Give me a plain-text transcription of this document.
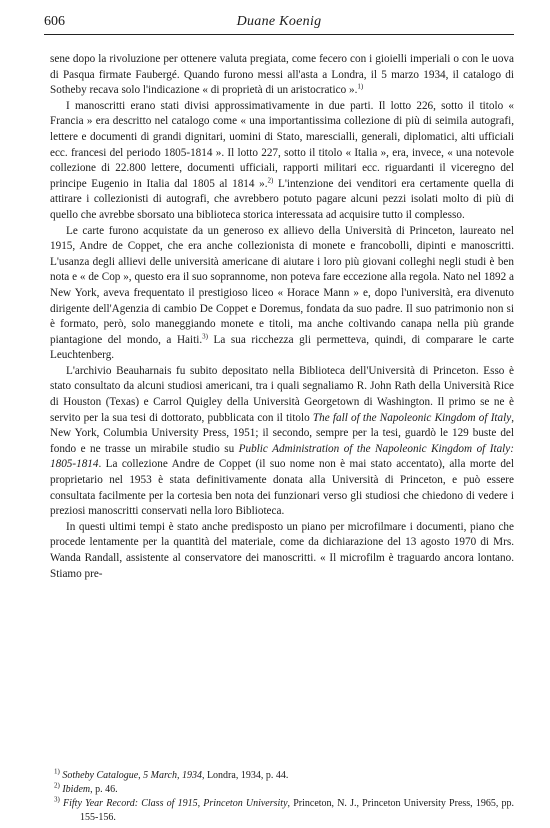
606	Duane Koenig

sene dopo la rivoluzione per ottenere valuta pregiata, come fecero con i gioielli imperiali o con le uova di Pasqua firmate Faubergé. Quando furono messi all'asta a Londra, il 5 marzo 1934, il catalogo di Sotheby recava solo l'indicazione « di proprietà di un aristocratico ».$^{1)}$

I manoscritti erano stati divisi approssimativamente in due parti. Il lotto 226, sotto il titolo « Francia » era descritto nel catalogo come « una importantissima collezione di più di seimila autografi, lettere e documenti di grandi dignitari, uomini di Stato, marescialli, generali, diplomatici, alti ufficiali ecc. francesi del periodo 1805-1814 ». Il lotto 227, sotto il titolo « Italia », era, invece, « una notevole collezione di 22.800 lettere, documenti ufficiali, rapporti militari ecc. riguardanti il viceregno del principe Eugenio in Italia dal 1805 al 1814 ».$^{2)}$ L'intenzione dei venditori era certamente quella di attirare i collezionisti di autografi, che avrebbero potuto pagare alcuni pezzi isolati molto di più di quello che avrebbe sborsato una biblioteca storica interessata ad acquisire tutto il complesso.

Le carte furono acquistate da un generoso ex allievo della Università di Princeton, laureato nel 1915, Andre de Coppet, che era anche collezionista di monete e francobolli, dipinti e manoscritti. L'usanza degli allievi delle università americane di aiutare i loro più giovani colleghi negli studi è ben nota e « de Cop », questo era il suo soprannome, non poteva fare eccezione alla regola. Nato nel 1892 a New York, aveva frequentato il prestigioso liceo « Horace Mann » e, dopo l'università, era divenuto dirigente dell'Agenzia di cambio De Coppet e Doremus, fondata da suo padre. Il suo patrimonio non si è formato, però, solo maneggiando monete e titoli, ma anche coltivando canapa nella più grande piantagione del mondo, a Haiti.$^{3)}$ La sua ricchezza gli permetteva, quindi, di comparare le carte Leuchtenberg.

L'archivio Beauharnais fu subito depositato nella Biblioteca dell'Università di Princeton. Esso è stato consultato da alcuni studiosi americani, tra i quali segnaliamo R. John Rath della Università Rice di Houston (Texas) e Carrol Quigley della Università Georgetown di Washington. Il primo se ne è servito per la sua tesi di dottorato, pubblicata con il titolo The fall of the Napoleonic Kingdom of Italy, New York, Columbia University Press, 1951; il secondo, sempre per la tesi, guardò le 129 buste del fondo e ne trasse un mirabile studio su Public Administration of the Napoleonic Kingdom of Italy: 1805-1814. La collezione Andre de Coppet (il suo nome non è mai stato accentato), alla morte del proprietario nel 1953 è stata definitivamente donata alla Università di Princeton, e può essere consultata facilmente per la cortesia ben nota dei funzionari verso gli studiosi che chiedono di vedere i preziosi manoscritti conservati nella loro Biblioteca.

In questi ultimi tempi è stato anche predisposto un piano per microfilmare i documenti, piano che procede lentamente per la quantità del materiale, come da dichiarazione del 13 agosto 1970 di Mrs. Wanda Randall, assistente al conservatore dei manoscritti. « Il microfilm è traguardo ancora lontano. Stiamo pre-

$^{1)}$ Sotheby Catalogue, 5 March, 1934, Londra, 1934, p. 44.

$^{2)}$ Ibidem, p. 46.

$^{3)}$ Fifty Year Record: Class of 1915, Princeton University, Princeton, N. J., Princeton University Press, 1965, pp. 155-156.
